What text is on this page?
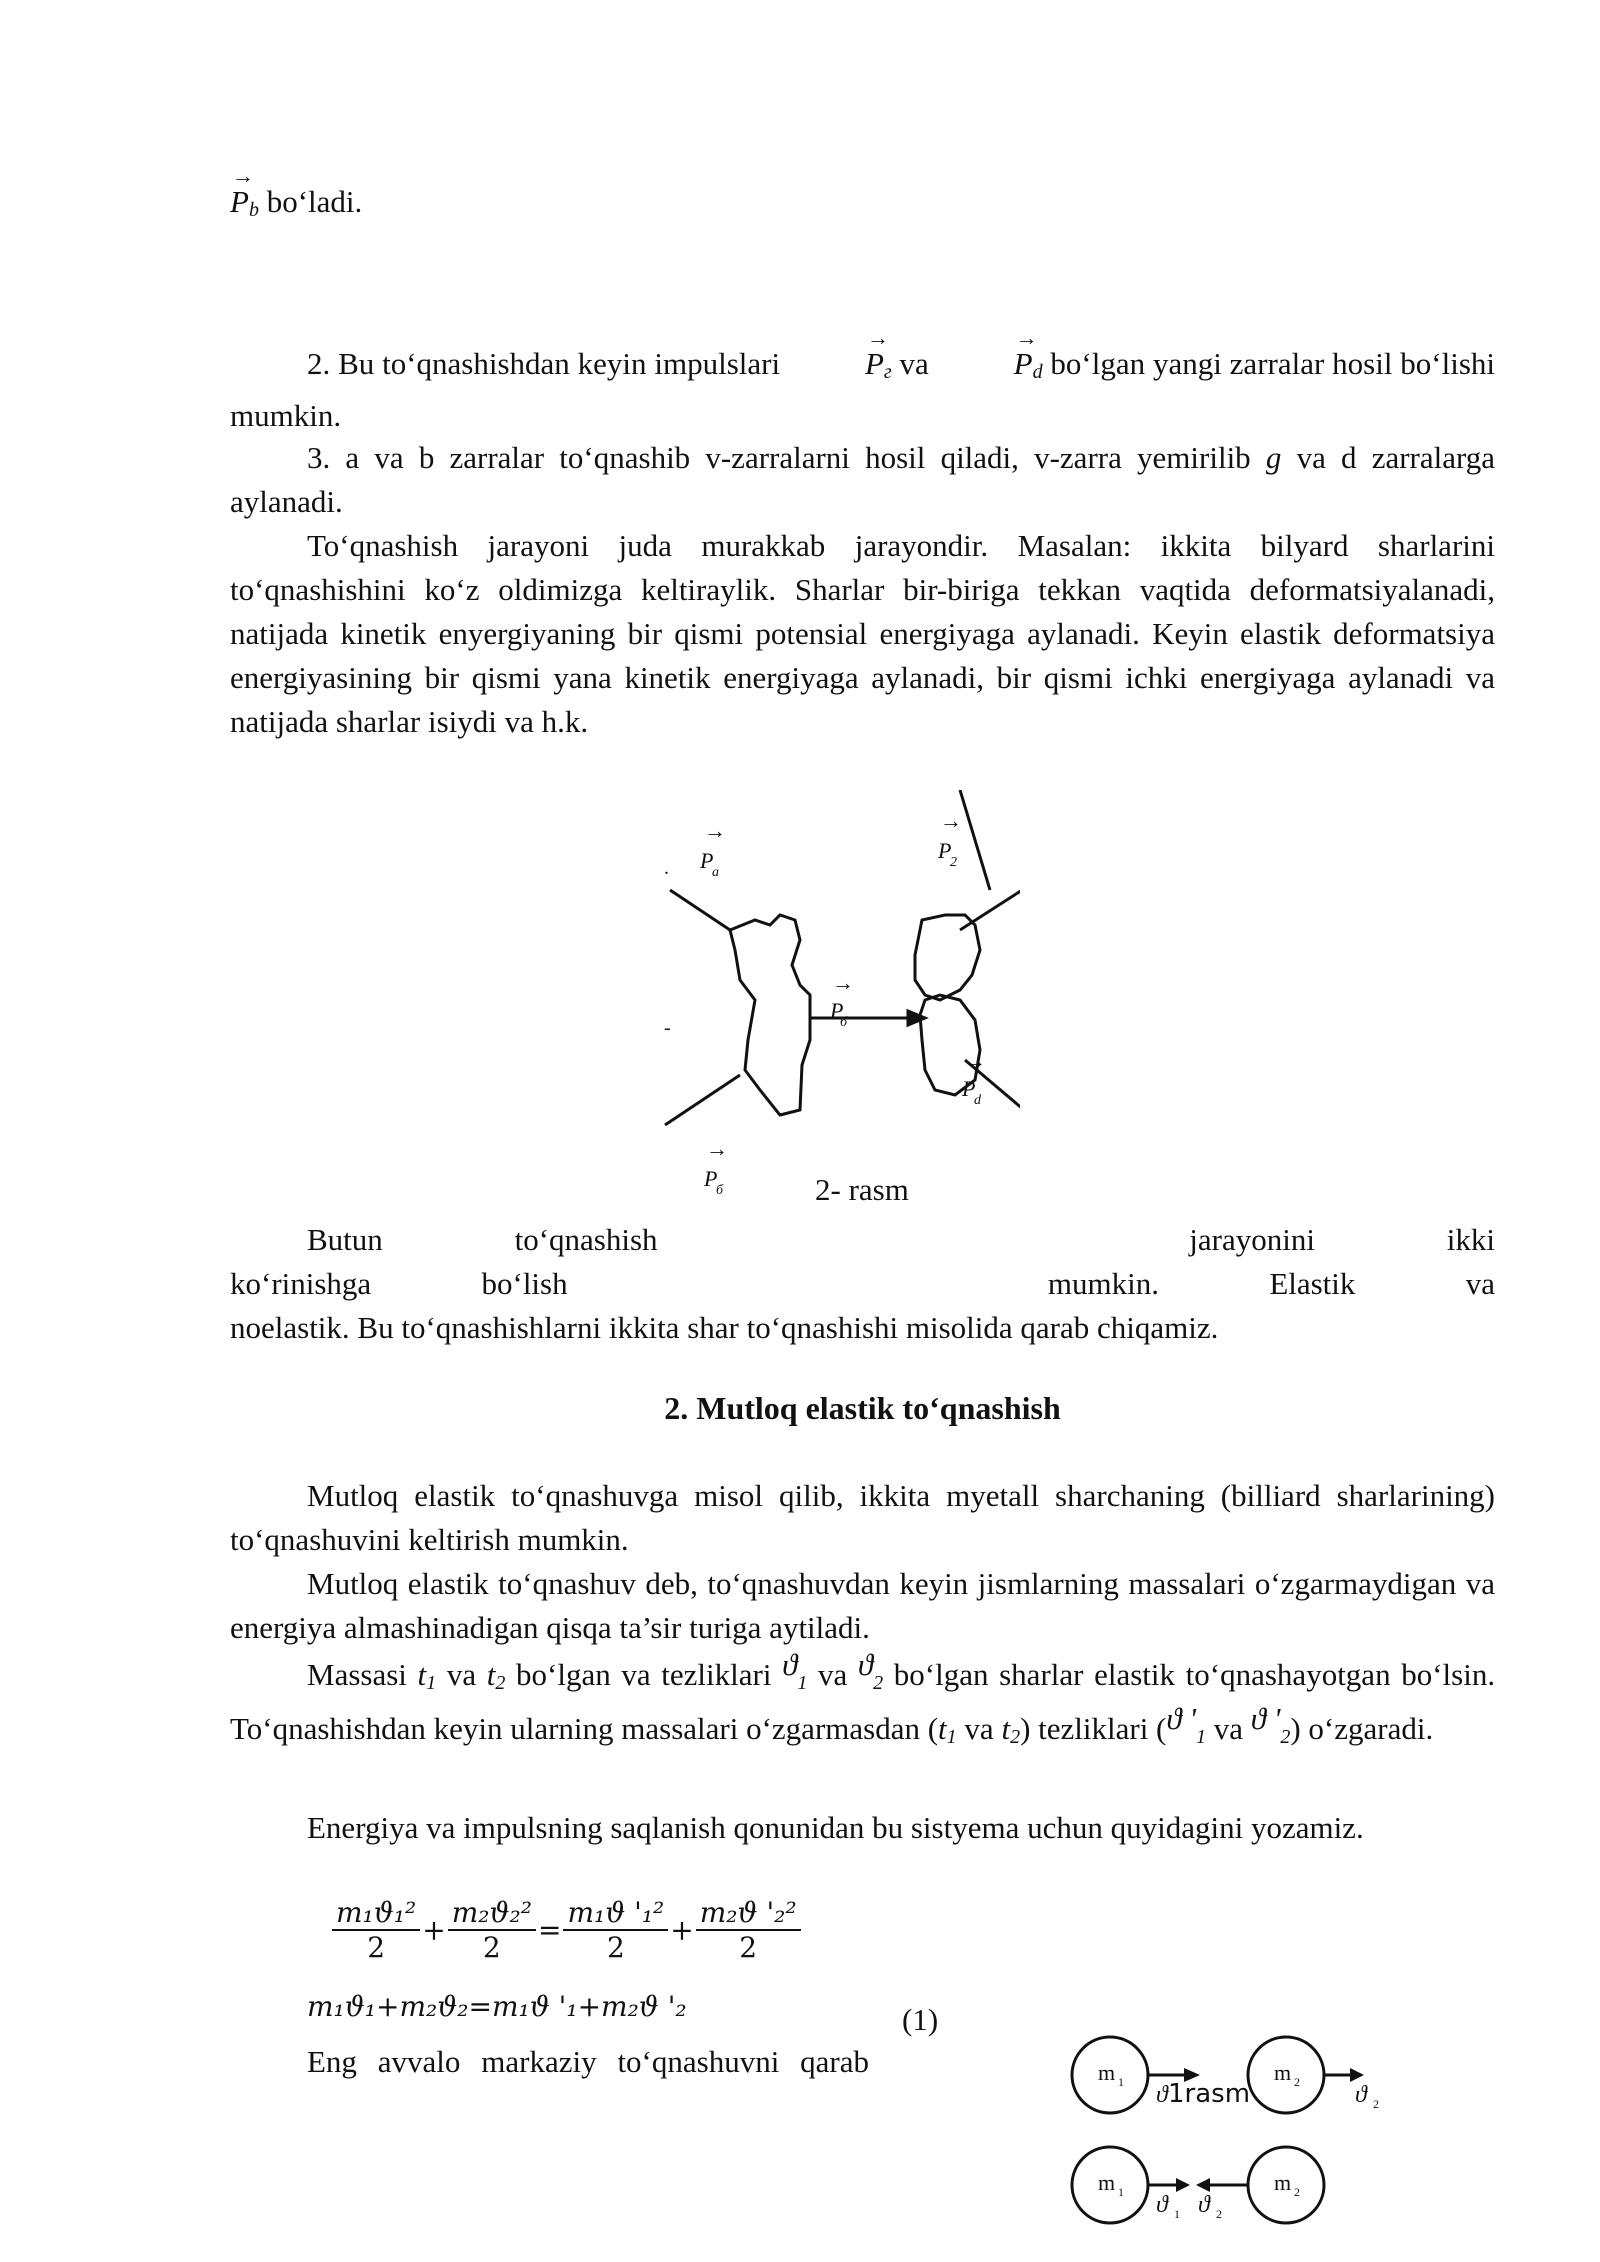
→
$P_b$ bo‘ladi.
2. Bu to‘qnashishdan keyin impulslari
→
$P_г$ va
→
$P_d$ bo‘lgan yangi zarralar hosil bo‘lishi mumkin.
3. a va b zarralar to‘qnashib v-zarralarni hosil qiladi, v-zarra yemirilib g va d zarralarga aylanadi.
To‘qnashish jarayoni juda murakkab jarayondir. Masalan: ikkita bilyard sharlarini to‘qnashishini ko‘z oldimizga keltiraylik. Sharlar bir-biriga tekkan vaqtida deformatsiyalanadi, natijada kinetik enyergiyaning bir qismi potensial energiyaga aylanadi. Keyin elastik deformatsiya energiyasining bir qismi yana kinetik energiyaga aylanadi, bir qismi ichki energiyaga aylanadi va natijada sharlar isiydi va h.k.
→
P
a
→
P
2
→
P
б
→
P
d
→
P
б
.
-
2- rasm
Butun	to‘qnashish	jarayonini	ikki
ko‘rinishga	bo‘lish	mumkin.	Elastik	va
noelastik. Bu to‘qnashishlarni ikkita shar to‘qnashishi misolida qarab chiqamiz.
2. Mutloq elastik to‘qnashish
Mutloq elastik to‘qnashuvga misol qilib, ikkita myetall sharchaning (billiard sharlarining) to‘qnashuvini keltirish mumkin.
Mutloq elastik to‘qnashuv deb, to‘qnashuvdan keyin jismlarning massalari o‘zgarmaydigan va energiya almashinadigan qisqa ta’sir turiga aytiladi.
Massasi $t_1$ va $t_2$ bo‘lgan va tezliklari $ϑ_1$ va $ϑ_2$ bo‘lgan sharlar elastik to‘qnashayotgan bo‘lsin. To‘qnashishdan keyin ularning massalari o‘zgarmasdan ($t_1$ va $t_2$) tezliklari (ϑ '$_1$ va ϑ '$_2$) o‘zgaradi.
Energiya va impulsning saqlanish qonunidan bu sistyema uchun quyidagini yozamiz.
$\frac{\text{m₁ϑ₁²}}{2} + \frac{\text{m₂ϑ₂²}}{2} = \frac{\text{m₁ϑ '₁²}}{2} + \frac{\text{m₂ϑ '₂²}}{2}$
m₁ϑ₁+m₂ϑ₂=m₁ϑ '₁+m₂ϑ '₂	(1)
Eng avvalo markaziy to‘qnashuvni qarab	m 1	m 2
m 1	m 2
ϑ	ϑ 2
ϑ 1 ϑ 2
1rasm
